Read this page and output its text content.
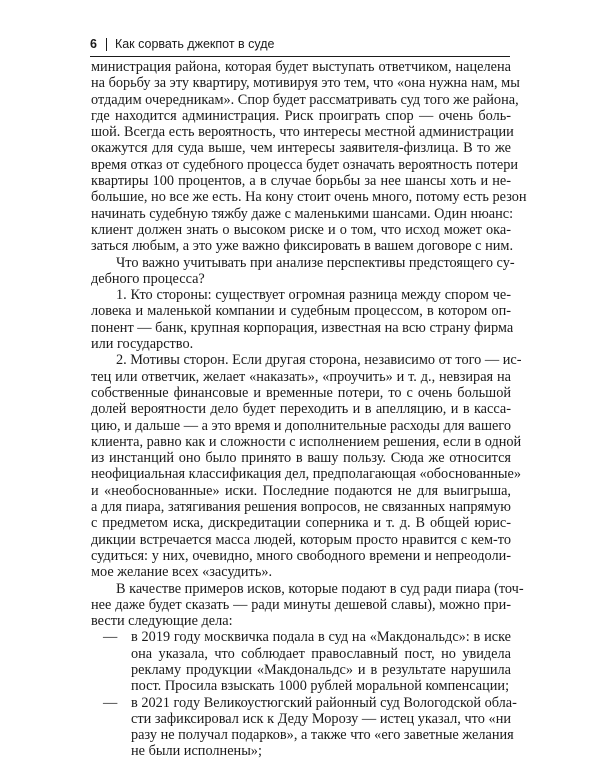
6 Как сорвать джекпот в суде
министрация района, которая будет выступать ответчиком, нацелена
на борьбу за эту квартиру, мотивируя это тем, что «она нужна нам, мы
отдадим очередникам». Спор будет рассматривать суд того же района,
где находится администрация. Риск проиграть спор — очень боль-
шой. Всегда есть вероятность, что интересы местной администрации
окажутся для суда выше, чем интересы заявителя-физлица. В то же
время отказ от судебного процесса будет означать вероятность потери
квартиры 100 процентов, а в случае борьбы за нее шансы хоть и не-
большие, но все же есть. На кону стоит очень много, потому есть резон
начинать судебную тяжбу даже с маленькими шансами. Один нюанс:
клиент должен знать о высоком риске и о том, что исход может ока-
заться любым, а это уже важно фиксировать в вашем договоре с ним.
Что важно учитывать при анализе перспективы предстоящего су-
дебного процесса?
1. Кто стороны: существует огромная разница между спором че-
ловека и маленькой компании и судебным процессом, в котором оп-
понент — банк, крупная корпорация, известная на всю страну фирма
или государство.
2. Мотивы сторон. Если другая сторона, независимо от того — ис-
тец или ответчик, желает «наказать», «проучить» и т. д., невзирая на
собственные финансовые и временные потери, то с очень большой
долей вероятности дело будет переходить и в апелляцию, и в касса-
цию, и дальше — а это время и дополнительные расходы для вашего
клиента, равно как и сложности с исполнением решения, если в одной
из инстанций оно было принято в вашу пользу. Сюда же относится
неофициальная классификация дел, предполагающая «обоснованные»
и «необоснованные» иски. Последние подаются не для выигрыша,
а для пиара, затягивания решения вопросов, не связанных напрямую
с предметом иска, дискредитации соперника и т. д. В общей юрис-
дикции встречается масса людей, которым просто нравится с кем-то
судиться: у них, очевидно, много свободного времени и непреодоли-
мое желание всех «засудить».
В качестве примеров исков, которые подают в суд ради пиара (точ-
нее даже будет сказать — ради минуты дешевой славы), можно при-
вести следующие дела:
— в 2019 году москвичка подала в суд на «Макдональдс»: в иске
она указала, что соблюдает православный пост, но увидела
рекламу продукции «Макдональдс» и в результате нарушила
пост. Просила взыскать 1000 рублей моральной компенсации;
— в 2021 году Великоустюгский районный суд Вологодской обла-
сти зафиксировал иск к Деду Морозу — истец указал, что «ни
разу не получал подарков», а также что «его заветные желания
не были исполнены»;
